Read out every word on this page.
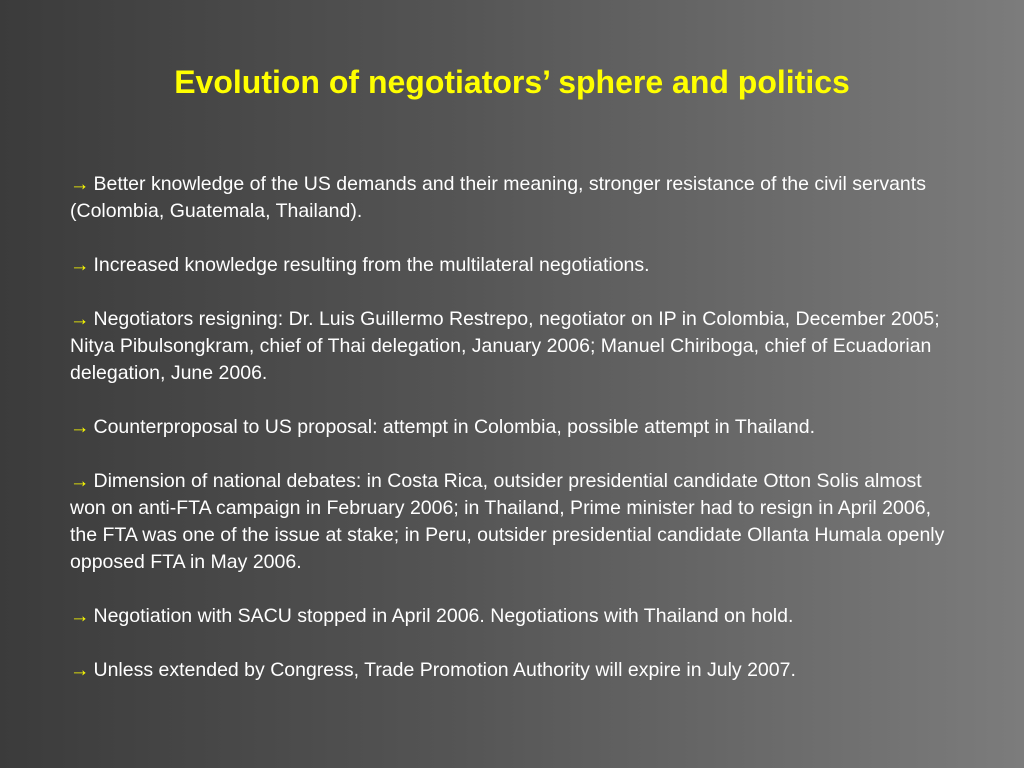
Evolution of negotiators’ sphere and politics

→ Better knowledge of the US demands and their meaning, stronger resistance of the civil servants (Colombia, Guatemala, Thailand).

→ Increased knowledge resulting from the multilateral negotiations.

→ Negotiators resigning: Dr. Luis Guillermo Restrepo, negotiator on IP in Colombia, December 2005; Nitya Pibulsongkram, chief of Thai delegation, January 2006; Manuel Chiriboga, chief of Ecuadorian delegation, June 2006.

→ Counterproposal to US proposal: attempt in Colombia, possible attempt in Thailand.

→ Dimension of national debates: in Costa Rica, outsider presidential candidate Otton Solis almost won on anti-FTA campaign in February 2006; in Thailand, Prime minister had to resign in April 2006, the FTA was one of the issue at stake; in Peru, outsider presidential candidate Ollanta Humala openly opposed FTA in May 2006.

→ Negotiation with SACU stopped in April 2006. Negotiations with Thailand on hold.

→ Unless extended by Congress, Trade Promotion Authority will expire in July 2007.
